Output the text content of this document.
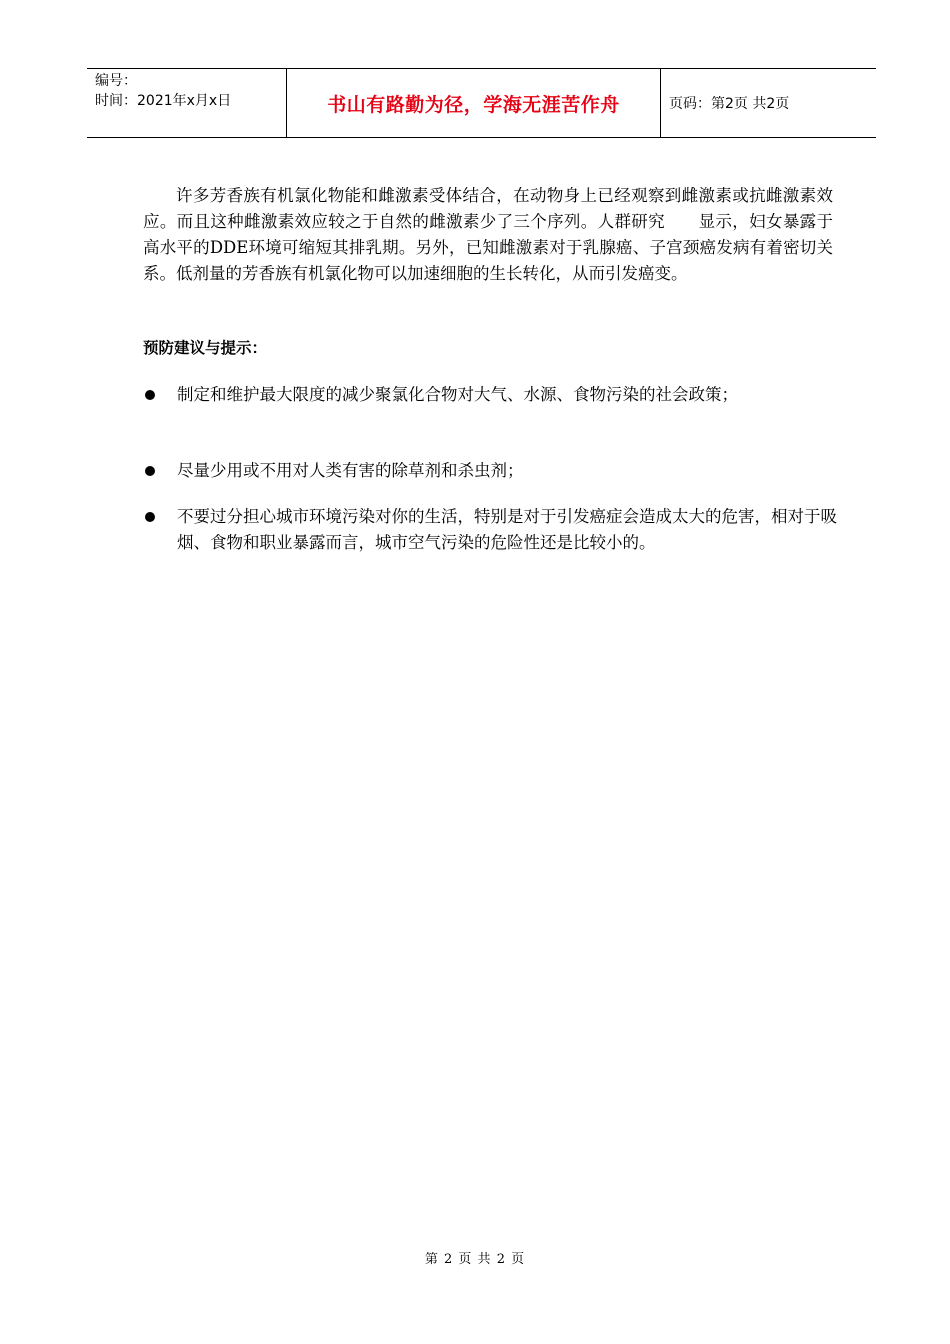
编号：
时间：2021年x月x日	书山有路勤为径，学海无涯苦作舟	页码：第2页 共2页

许多芳香族有机氯化物能和雌激素受体结合，在动物身上已经观察到雌激素或抗雌激素效应。而且这种雌激素效应较之于自然的雌激素少了三个序列。人群研究　　显示，妇女暴露于高水平的DDE环境可缩短其排乳期。另外，已知雌激素对于乳腺癌、子宫颈癌发病有着密切关系。低剂量的芳香族有机氯化物可以加速细胞的生长转化，从而引发癌变。

预防建议与提示：
制定和维护最大限度的减少聚氯化合物对大气、水源、食物污染的社会政策；
尽量少用或不用对人类有害的除草剂和杀虫剂；
不要过分担心城市环境污染对你的生活，特别是对于引发癌症会造成太大的危害，相对于吸烟、食物和职业暴露而言，城市空气污染的危险性还是比较小的。
第 2 页 共 2 页
